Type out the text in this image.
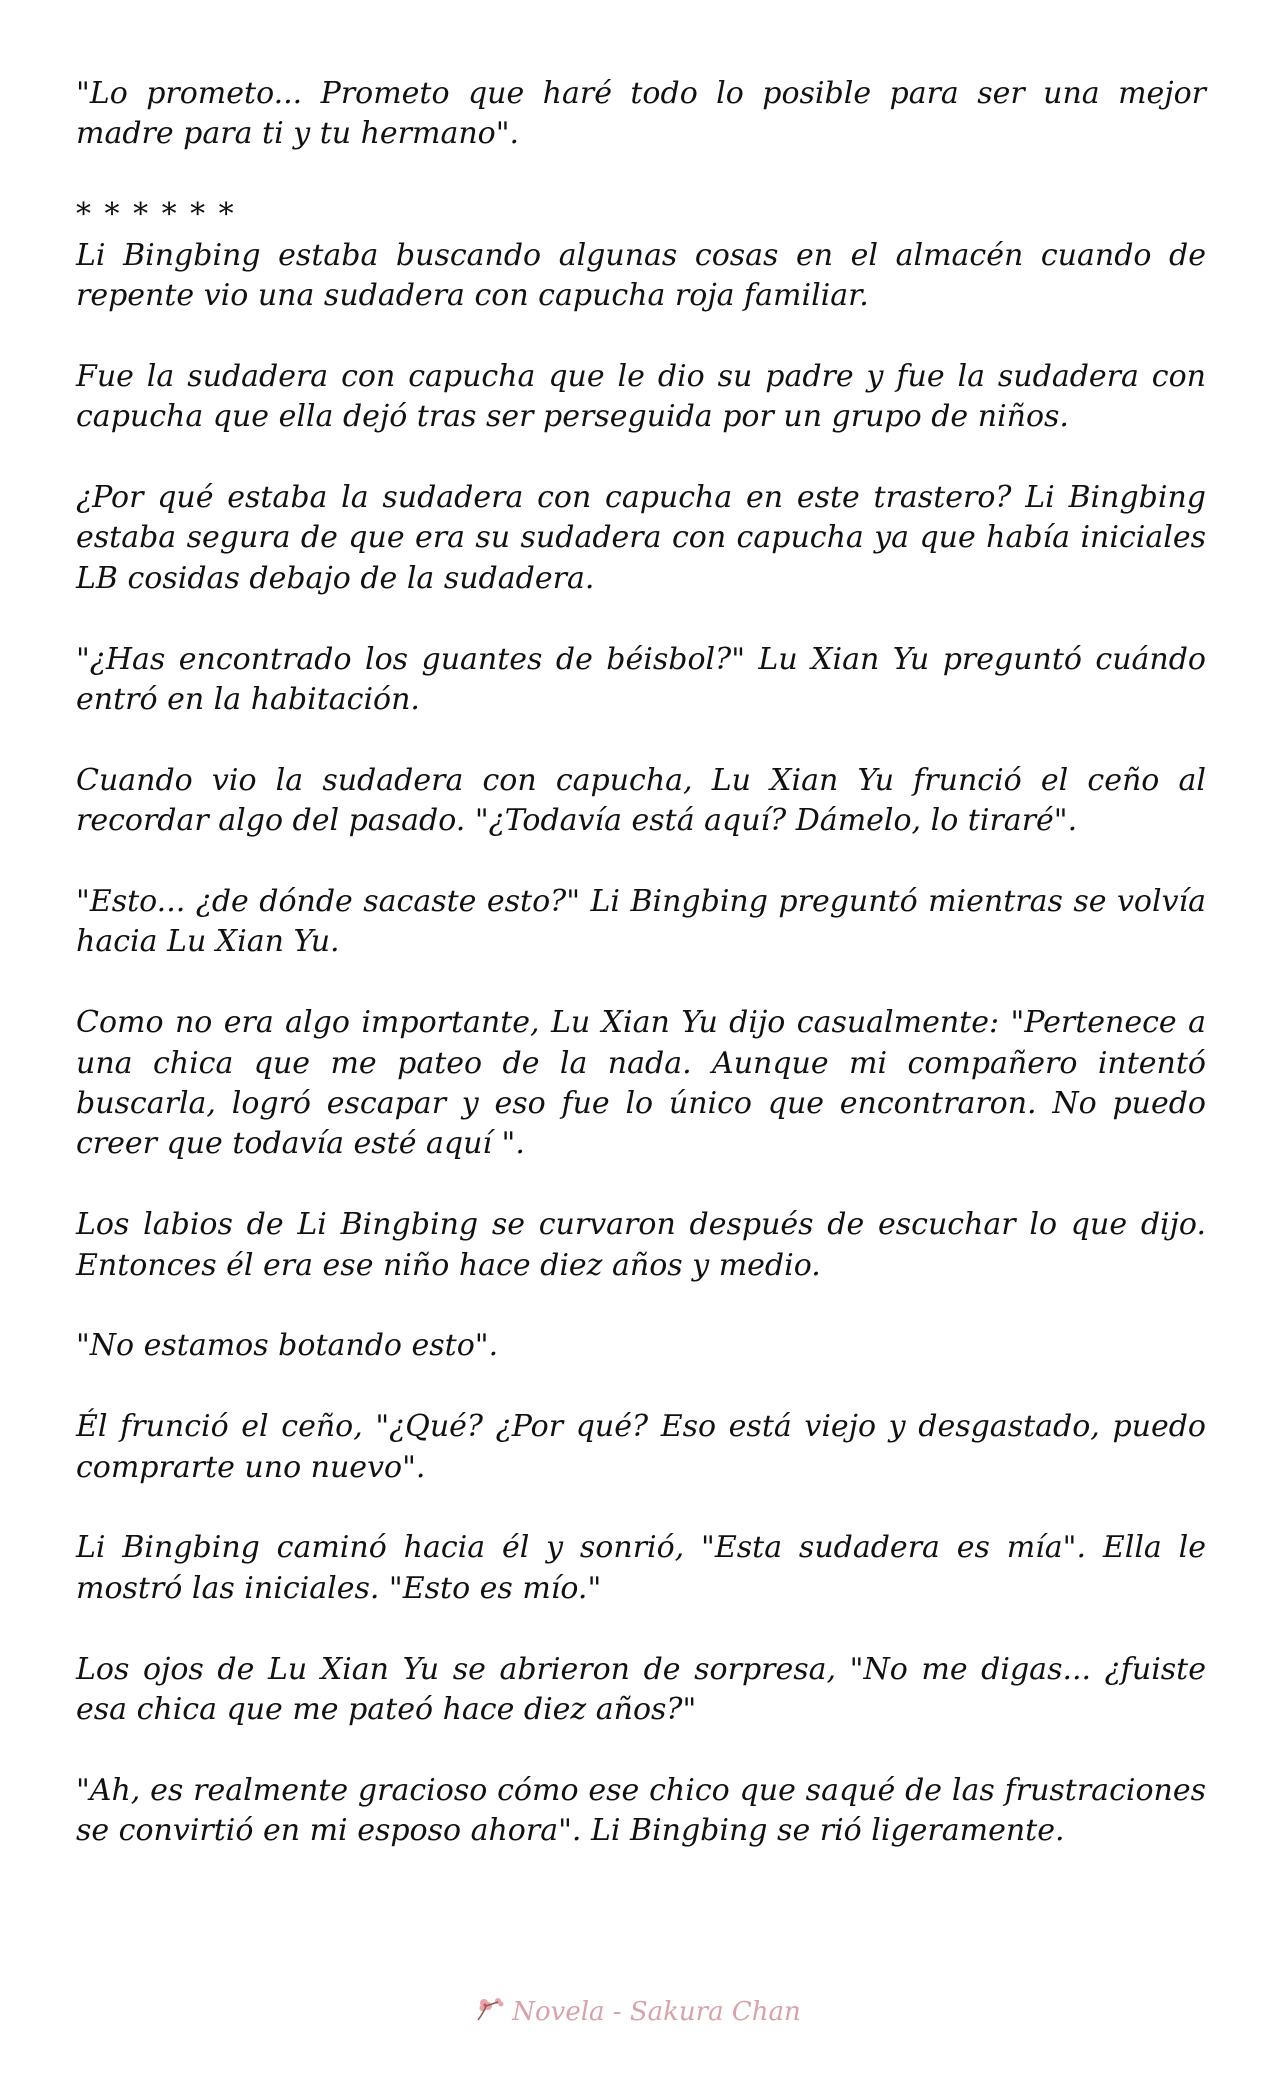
"Lo prometo... Prometo que haré todo lo posible para ser una mejor madre para ti y tu hermano".

* * * * * *

Li Bingbing estaba buscando algunas cosas en el almacén cuando de repente vio una sudadera con capucha roja familiar.

Fue la sudadera con capucha que le dio su padre y fue la sudadera con capucha que ella dejó tras ser perseguida por un grupo de niños.

¿Por qué estaba la sudadera con capucha en este trastero? Li Bingbing estaba segura de que era su sudadera con capucha ya que había iniciales LB cosidas debajo de la sudadera.

"¿Has encontrado los guantes de béisbol?" Lu Xian Yu preguntó cuándo entró en la habitación.

Cuando vio la sudadera con capucha, Lu Xian Yu frunció el ceño al recordar algo del pasado. "¿Todavía está aquí? Dámelo, lo tiraré".

"Esto... ¿de dónde sacaste esto?" Li Bingbing preguntó mientras se volvía hacia Lu Xian Yu.

Como no era algo importante, Lu Xian Yu dijo casualmente: "Pertenece a una chica que me pateo de la nada. Aunque mi compañero intentó buscarla, logró escapar y eso fue lo único que encontraron. No puedo creer que todavía esté aquí ".

Los labios de Li Bingbing se curvaron después de escuchar lo que dijo. Entonces él era ese niño hace diez años y medio.

"No estamos botando esto".

Él frunció el ceño, "¿Qué? ¿Por qué? Eso está viejo y desgastado, puedo comprarte uno nuevo".

Li Bingbing caminó hacia él y sonrió, "Esta sudadera es mía". Ella le mostró las iniciales. "Esto es mío."

Los ojos de Lu Xian Yu se abrieron de sorpresa, "No me digas... ¿fuiste esa chica que me pateó hace diez años?"

"Ah, es realmente gracioso cómo ese chico que saqué de las frustraciones se convirtió en mi esposo ahora". Li Bingbing se rió ligeramente.

Novela - Sakura Chan
